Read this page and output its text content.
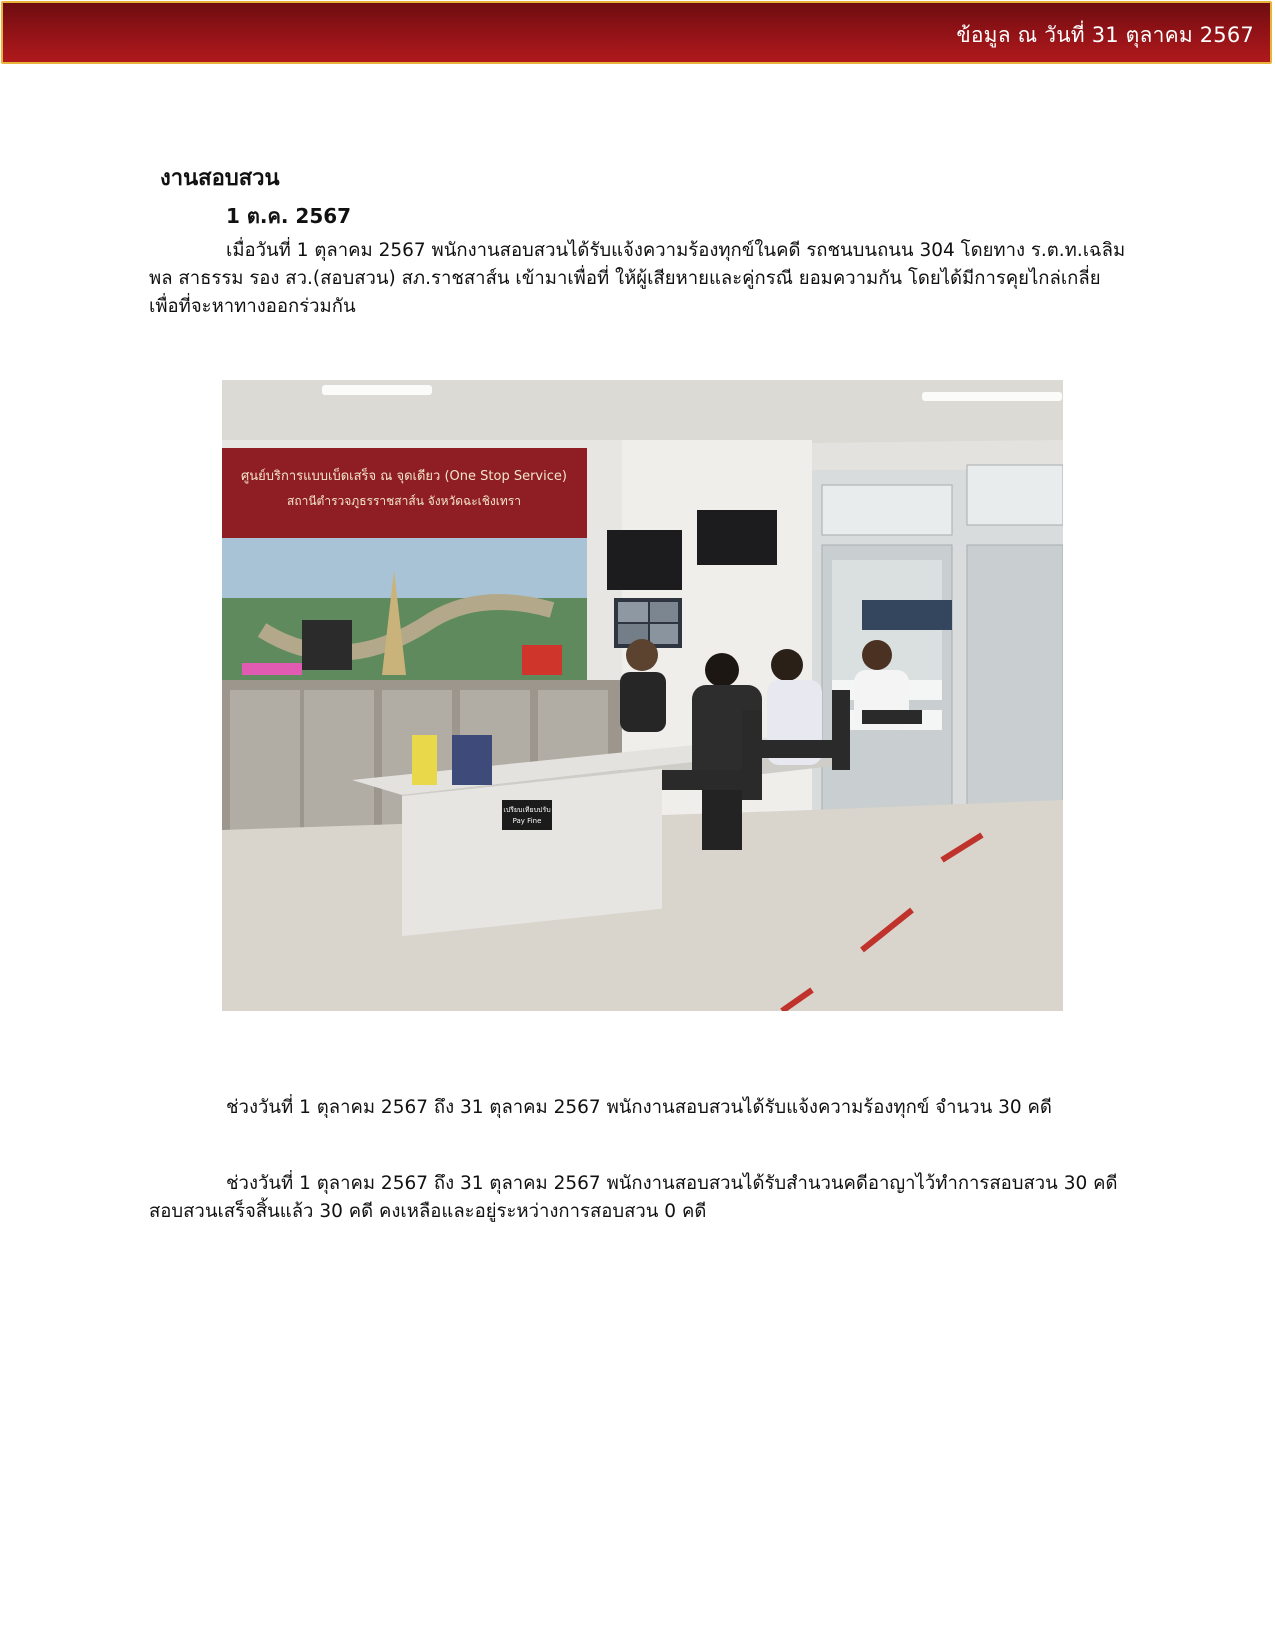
ข้อมูล ณ วันที่ 31 ตุลาคม 2567
งานสอบสวน
1 ต.ค. 2567
เมื่อวันที่ 1 ตุลาคม 2567 พนักงานสอบสวนได้รับแจ้งความร้องทุกข์ในคดี รถชนบนถนน 304 โดยทาง ร.ต.ท.เฉลิมพล สาธรรม รอง สว.(สอบสวน) สภ.ราชสาส์น เข้ามาเพื่อที่ ให้ผู้เสียหายและคู่กรณี ยอมความกัน โดยได้มีการคุยไกล่เกลี่ย เพื่อที่จะหาทางออกร่วมกัน
ศูนย์บริการแบบเบ็ดเสร็จ ณ จุดเดียว (One Stop Service)
สถานีตำรวจภูธรราชสาส์น จังหวัดฉะเชิงเทรา
เปรียบเทียบปรับ
Pay Fine
ช่วงวันที่ 1 ตุลาคม 2567 ถึง 31 ตุลาคม 2567 พนักงานสอบสวนได้รับแจ้งความร้องทุกข์ จำนวน 30 คดี
ช่วงวันที่ 1 ตุลาคม 2567 ถึง 31 ตุลาคม 2567 พนักงานสอบสวนได้รับสำนวนคดีอาญาไว้ทำการสอบสวน 30 คดี สอบสวนเสร็จสิ้นแล้ว 30 คดี คงเหลือและอยู่ระหว่างการสอบสวน 0 คดี
